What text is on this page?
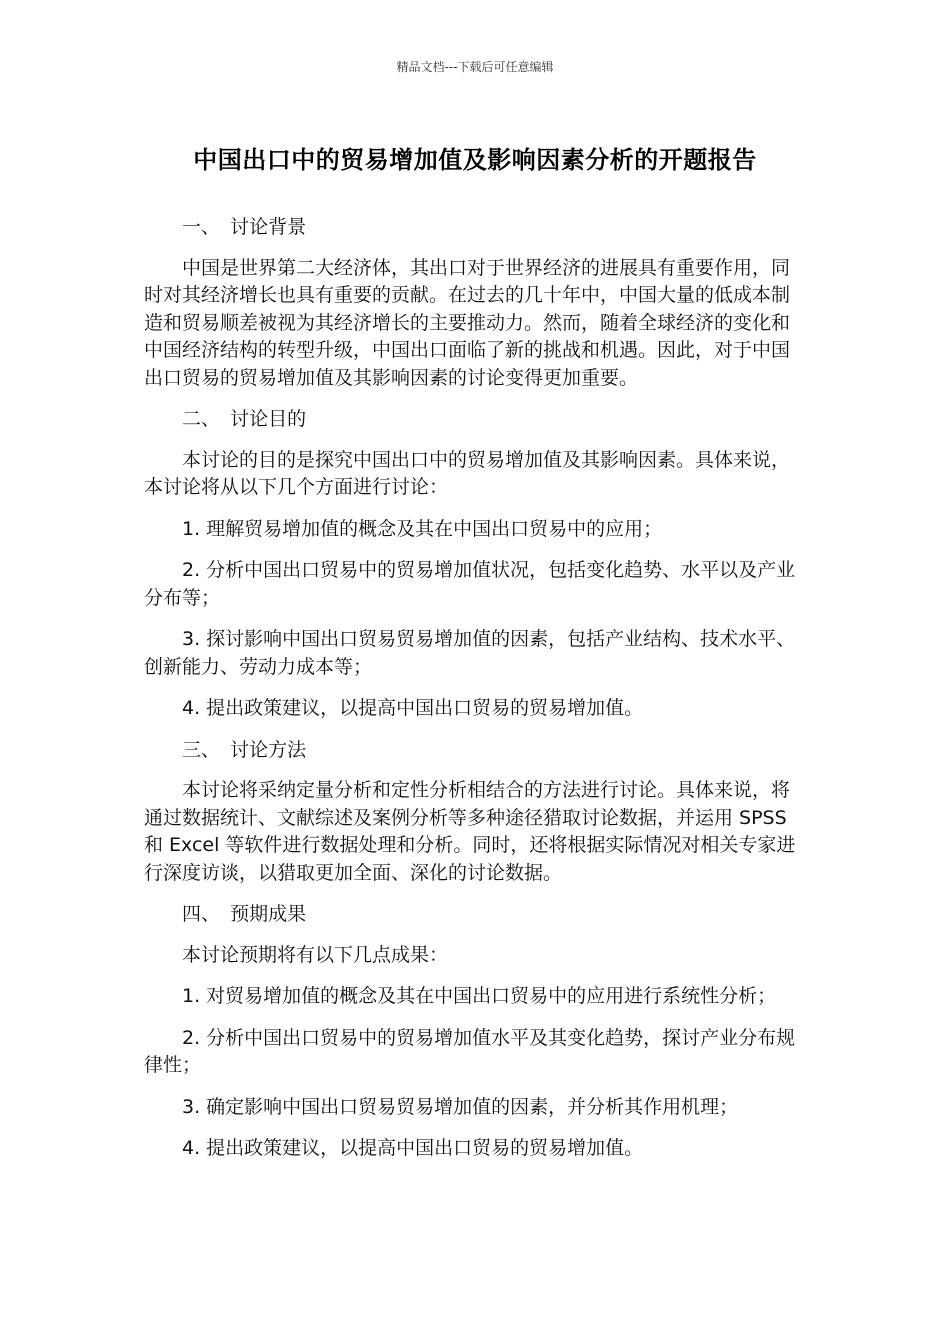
精品文档---下载后可任意编辑
中国出口中的贸易增加值及影响因素分析的开题报告

一、 讨论背景

中国是世界第二大经济体，其出口对于世界经济的进展具有重要作用，同时对其经济增长也具有重要的贡献。在过去的几十年中，中国大量的低成本制造和贸易顺差被视为其经济增长的主要推动力。然而，随着全球经济的变化和中国经济结构的转型升级，中国出口面临了新的挑战和机遇。因此，对于中国出口贸易的贸易增加值及其影响因素的讨论变得更加重要。

二、 讨论目的

本讨论的目的是探究中国出口中的贸易增加值及其影响因素。具体来说，本讨论将从以下几个方面进行讨论：

1. 理解贸易增加值的概念及其在中国出口贸易中的应用；

2. 分析中国出口贸易中的贸易增加值状况，包括变化趋势、水平以及产业分布等；

3. 探讨影响中国出口贸易贸易增加值的因素，包括产业结构、技术水平、创新能力、劳动力成本等；

4. 提出政策建议，以提高中国出口贸易的贸易增加值。

三、 讨论方法

本讨论将采纳定量分析和定性分析相结合的方法进行讨论。具体来说，将通过数据统计、文献综述及案例分析等多种途径猎取讨论数据，并运用 SPSS 和 Excel 等软件进行数据处理和分析。同时，还将根据实际情况对相关专家进行深度访谈，以猎取更加全面、深化的讨论数据。

四、 预期成果

本讨论预期将有以下几点成果：

1. 对贸易增加值的概念及其在中国出口贸易中的应用进行系统性分析；

2. 分析中国出口贸易中的贸易增加值水平及其变化趋势，探讨产业分布规律性；

3. 确定影响中国出口贸易贸易增加值的因素，并分析其作用机理；

4. 提出政策建议，以提高中国出口贸易的贸易增加值。
